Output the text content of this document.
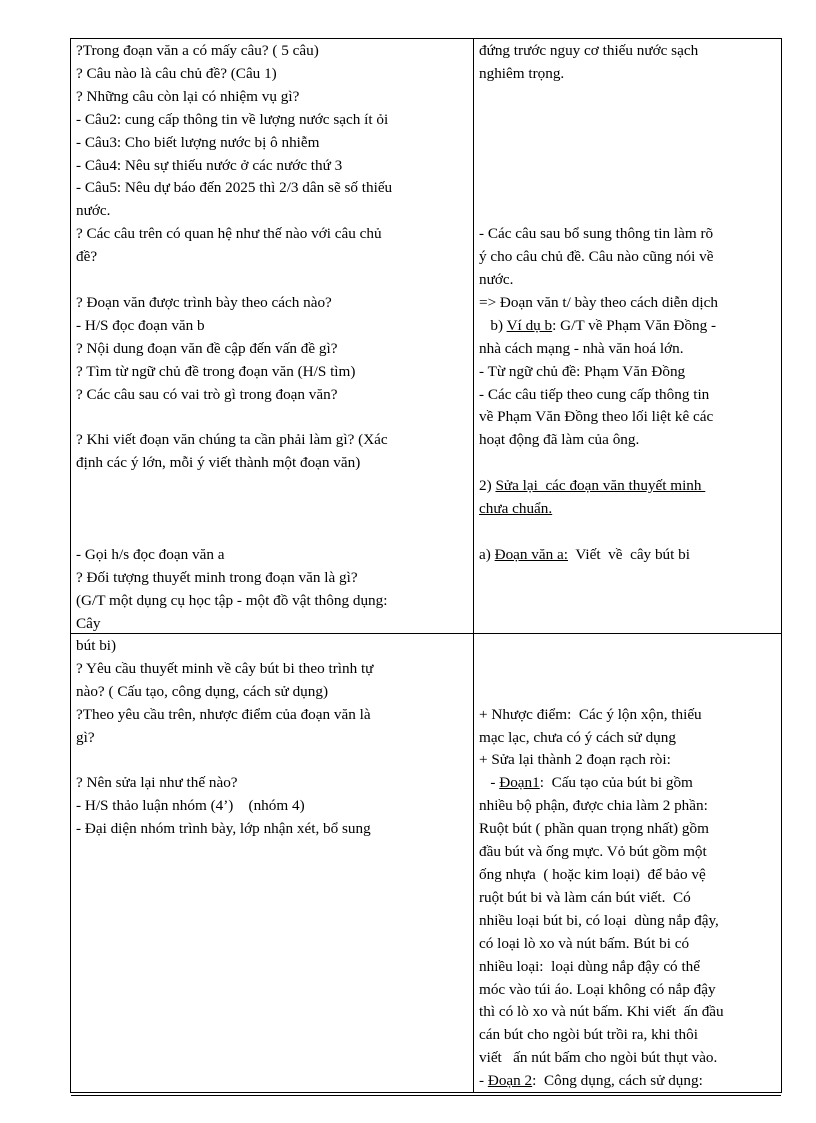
?Trong đoạn văn a có mấy câu? ( 5 câu)
? Câu nào là câu chủ đề? (Câu 1)
? Những câu còn lại có nhiệm vụ gì?
- Câu2: cung cấp thông tin về lượng nước sạch ít ỏi
- Câu3: Cho biết lượng nước bị ô nhiễm
- Câu4: Nêu sự thiếu nước ở các nước thứ 3
- Câu5: Nêu dự báo đến 2025 thì 2/3 dân sẽ số thiếu
nước.
? Các câu trên có quan hệ như thế nào với câu chủ
đề?
? Đoạn văn được trình bày theo cách nào?
- H/S đọc đoạn văn b
? Nội dung đoạn văn đề cập đến vấn đề gì?
? Tìm từ ngữ chủ đề trong đoạn văn (H/S tìm)
? Các câu sau có vai trò gì trong đoạn văn?
? Khi viết đoạn văn chúng ta cần phải làm gì? (Xác
định các ý lớn, mỗi ý viết thành một đoạn văn)
- Gọi h/s đọc đoạn văn a
? Đối tượng thuyết minh trong đoạn văn là gì?
(G/T một dụng cụ học tập - một đồ vật thông dụng:
Cây
đứng trước nguy cơ thiếu nước sạch
nghiêm trọng.
- Các câu sau bổ sung thông tin làm rõ
ý cho câu chủ đề. Câu nào cũng nói về
nước.
=> Đoạn văn t/ bày theo cách diễn dịch
b) Ví dụ b: G/T về Phạm Văn Đồng -
nhà cách mạng - nhà văn hoá lớn.
- Từ ngữ chủ đề: Phạm Văn Đồng
- Các câu tiếp theo cung cấp thông tin
về Phạm Văn Đồng theo lối liệt kê các
hoạt động đã làm của ông.
2) Sửa lại  các đoạn văn thuyết minh
chưa chuẩn.
a) Đoạn văn a:  Viết  về  cây bút bi
bút bi)
? Yêu cầu thuyết minh về cây bút bi theo trình tự
nào? ( Cấu tạo, công dụng, cách sử dụng)
?Theo yêu cầu trên, nhược điểm của đoạn văn là
gì?
? Nên sửa lại như thế nào?
- H/S thảo luận nhóm (4’)    (nhóm 4)
- Đại diện nhóm trình bày, lớp nhận xét, bổ sung
+ Nhược điểm:  Các ý lộn xộn, thiếu
mạc lạc, chưa có ý cách sử dụng
+ Sửa lại thành 2 đoạn rạch ròi:
- Đoạn1:  Cấu tạo của bút bi gồm
nhiều bộ phận, được chia làm 2 phần:
Ruột bút ( phần quan trọng nhất) gồm
đầu bút và ống mực. Vỏ bút gồm một
ống nhựa  ( hoặc kim loại)  để bảo vệ
ruột bút bi và làm cán bút viết.  Có
nhiều loại bút bi, có loại  dùng nắp đậy,
có loại lò xo và nút bấm. Bút bi có
nhiều loại:  loại dùng nắp đậy có thể
móc vào túi áo. Loại không có nắp đậy
thì có lò xo và nút bấm. Khi viết  ấn đầu
cán bút cho ngòi bút trồi ra, khi thôi
viết   ấn nút bấm cho ngòi bút thụt vào.
- Đoạn 2:  Công dụng, cách sử dụng:
